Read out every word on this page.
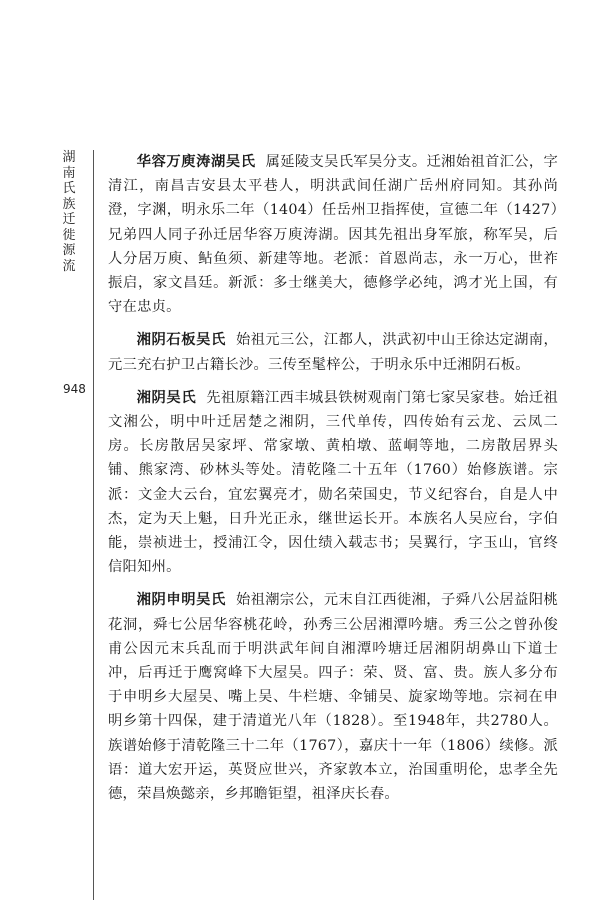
湖南氏族迁徙源流
948

华容万庾涛湖吴氏 属延陵支吴氏军吴分支。迁湘始祖首汇公，字清江，南昌吉安县太平巷人，明洪武间任湖广岳州府同知。其孙尚澄，字渊，明永乐二年（1404）任岳州卫指挥使，宣德二年（1427）兄弟四人同子孙迁居华容万庾涛湖。因其先祖出身军旅，称军吴，后人分居万庾、鲇鱼须、新建等地。老派：首恩尚志，永一万心，世祚振启，家文昌廷。新派：多士继美大，德修学必纯，鸿才光上国，有守在忠贞。

湘阴石板吴氏 始祖元三公，江都人，洪武初中山王徐达定湖南，元三充右护卫占籍长沙。三传至髦梓公，于明永乐中迁湘阴石板。

湘阴吴氏 先祖原籍江西丰城县铁树观南门第七家吴家巷。始迁祖文湘公，明中叶迁居楚之湘阴，三代单传，四传始有云龙、云凤二房。长房散居吴家坪、常家墩、黄柏墩、蓝峒等地，二房散居界头铺、熊家湾、砂林头等处。清乾隆二十五年（1760）始修族谱。宗派：文金大云台，宜宏翼亮才，勋名荣国史，节义纪容台，自是人中杰，定为天上魁，日升光正永，继世运长开。本族名人吴应台，字伯能，崇祯进士，授浦江令，因仕绩入载志书；吴翼行，字玉山，官终信阳知州。

湘阴申明吴氏 始祖潮宗公，元末自江西徙湘，子舜八公居益阳桃花洞，舜七公居华容桃花岭，孙秀三公居湘潭吟塘。秀三公之曾孙俊甫公因元末兵乱而于明洪武年间自湘潭吟塘迁居湘阴胡鼻山下道士冲，后再迁于鹰窝峰下大屋吴。四子：荣、贤、富、贵。族人多分布于申明乡大屋吴、嘴上吴、牛栏塘、伞铺吴、旋家坳等地。宗祠在申明乡第十四保，建于清道光八年（1828）。至1948年，共2780人。族谱始修于清乾隆三十二年（1767），嘉庆十一年（1806）续修。派语：道大宏开运，英贤应世兴，齐家敦本立，治国重明伦，忠孝全先德，荣昌焕懿亲，乡邦瞻钜望，祖泽庆长春。
